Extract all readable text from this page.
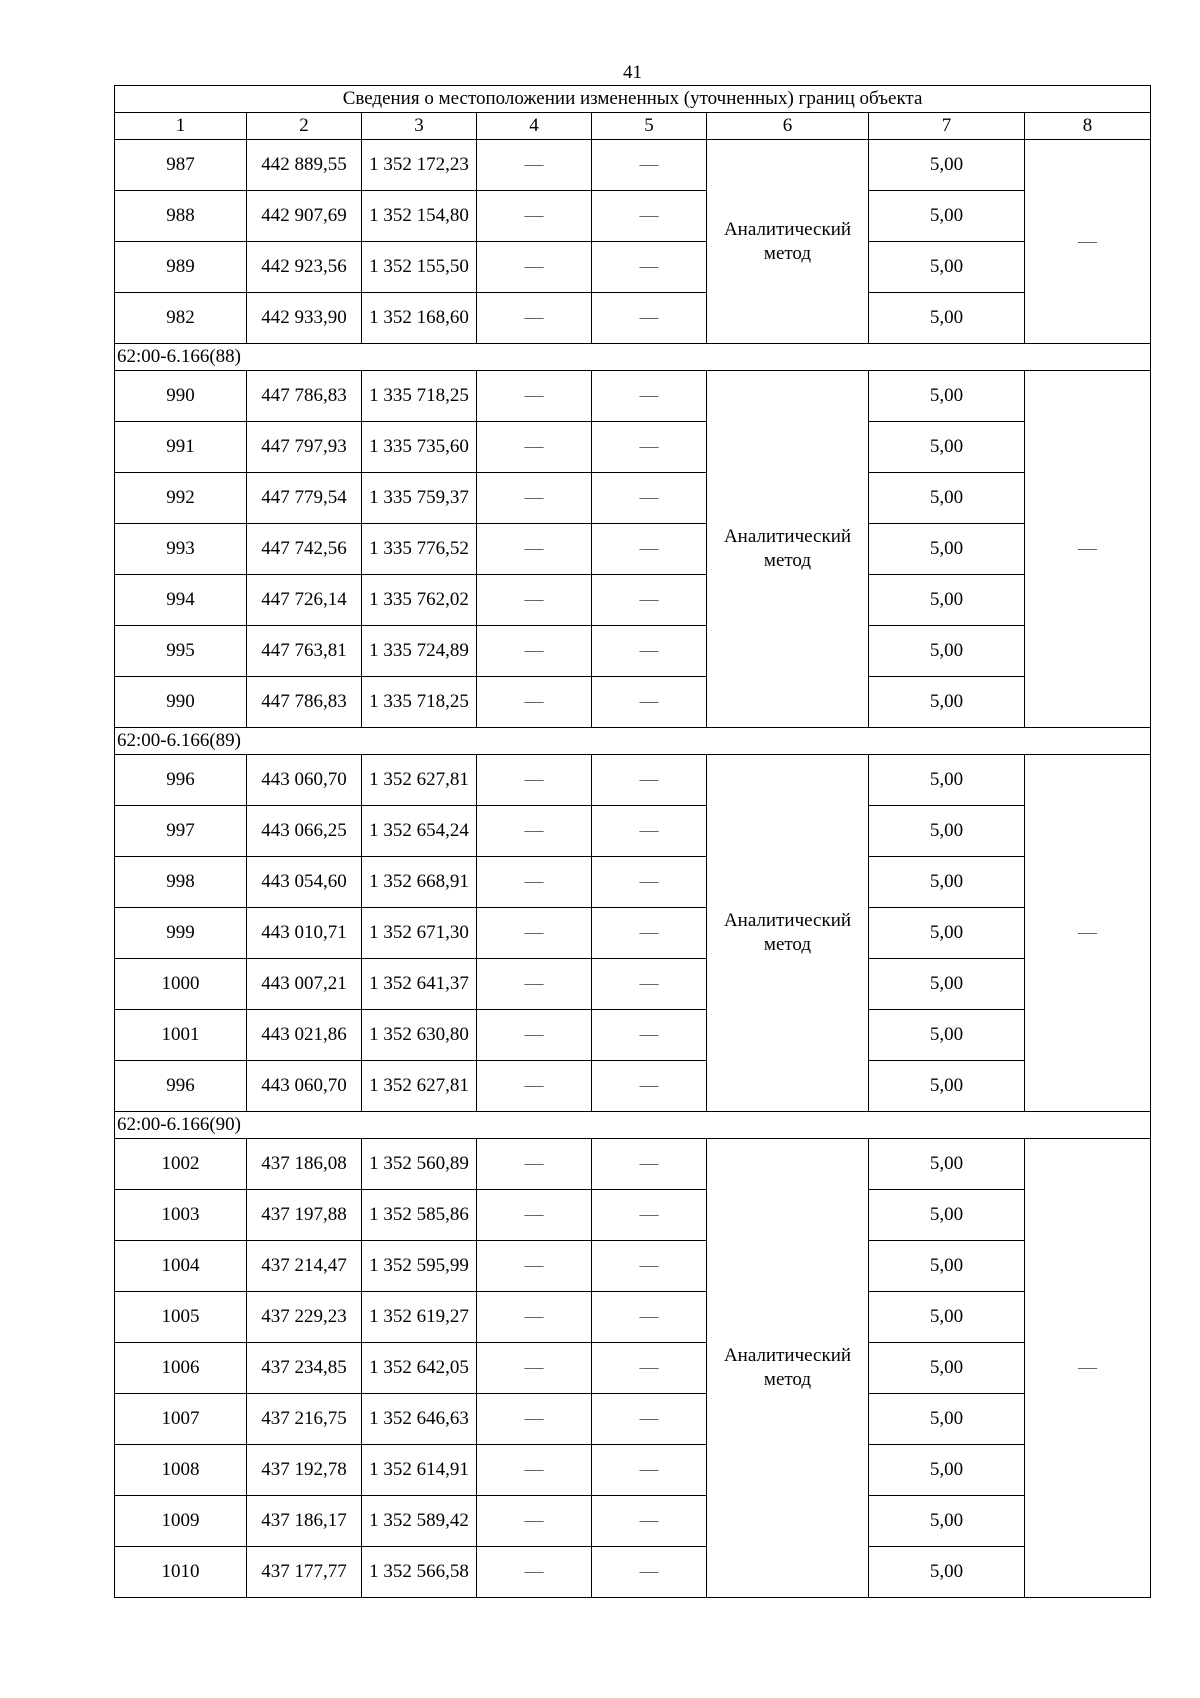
41
Сведения о местоположении измененных (уточненных) границ объекта							
1	2	3	4	5	6	7	8
987	442 889,55	1 352 172,23	—	—	Аналитический метод	5,00	—
988	442 907,69	1 352 154,80	—	—		5,00	
989	442 923,56	1 352 155,50	—	—		5,00	
982	442 933,90	1 352 168,60	—	—		5,00	
62:00-6.166(88)							
990	447 786,83	1 335 718,25	—	—	Аналитический метод	5,00	—
991	447 797,93	1 335 735,60	—	—		5,00	
992	447 779,54	1 335 759,37	—	—		5,00	
993	447 742,56	1 335 776,52	—	—		5,00	
994	447 726,14	1 335 762,02	—	—		5,00	
995	447 763,81	1 335 724,89	—	—		5,00	
990	447 786,83	1 335 718,25	—	—		5,00	
62:00-6.166(89)							
996	443 060,70	1 352 627,81	—	—	Аналитический метод	5,00	—
997	443 066,25	1 352 654,24	—	—		5,00	
998	443 054,60	1 352 668,91	—	—		5,00	
999	443 010,71	1 352 671,30	—	—		5,00	
1000	443 007,21	1 352 641,37	—	—		5,00	
1001	443 021,86	1 352 630,80	—	—		5,00	
996	443 060,70	1 352 627,81	—	—		5,00	
62:00-6.166(90)							
1002	437 186,08	1 352 560,89	—	—	Аналитический метод	5,00	—
1003	437 197,88	1 352 585,86	—	—		5,00	
1004	437 214,47	1 352 595,99	—	—		5,00	
1005	437 229,23	1 352 619,27	—	—		5,00	
1006	437 234,85	1 352 642,05	—	—		5,00	
1007	437 216,75	1 352 646,63	—	—		5,00	
1008	437 192,78	1 352 614,91	—	—		5,00	
1009	437 186,17	1 352 589,42	—	—		5,00	
1010	437 177,77	1 352 566,58	—	—		5,00	
